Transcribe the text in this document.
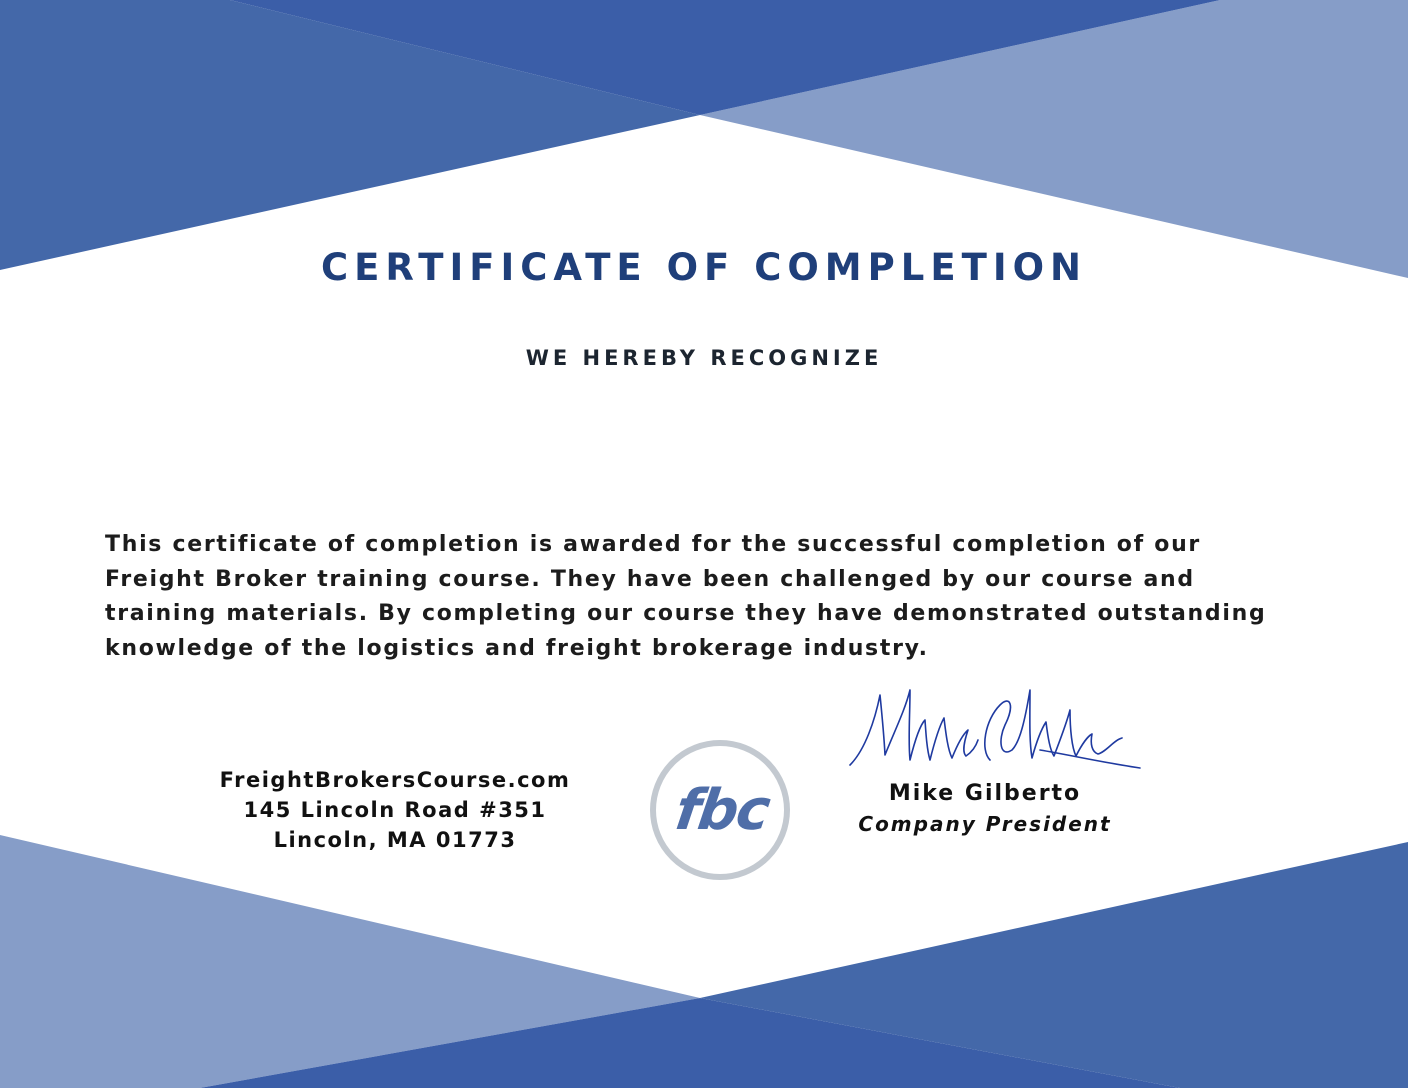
CERTIFICATE OF COMPLETION
WE HEREBY RECOGNIZE
This certificate of completion is awarded for the successful completion of our
Freight Broker training course. They have been challenged by our course and
training materials. By completing our course they have demonstrated outstanding
knowledge of the logistics and freight brokerage industry.
FreightBrokersCourse.com
145 Lincoln Road #351
Lincoln, MA 01773	fbc	Mike Gilberto
Company President
